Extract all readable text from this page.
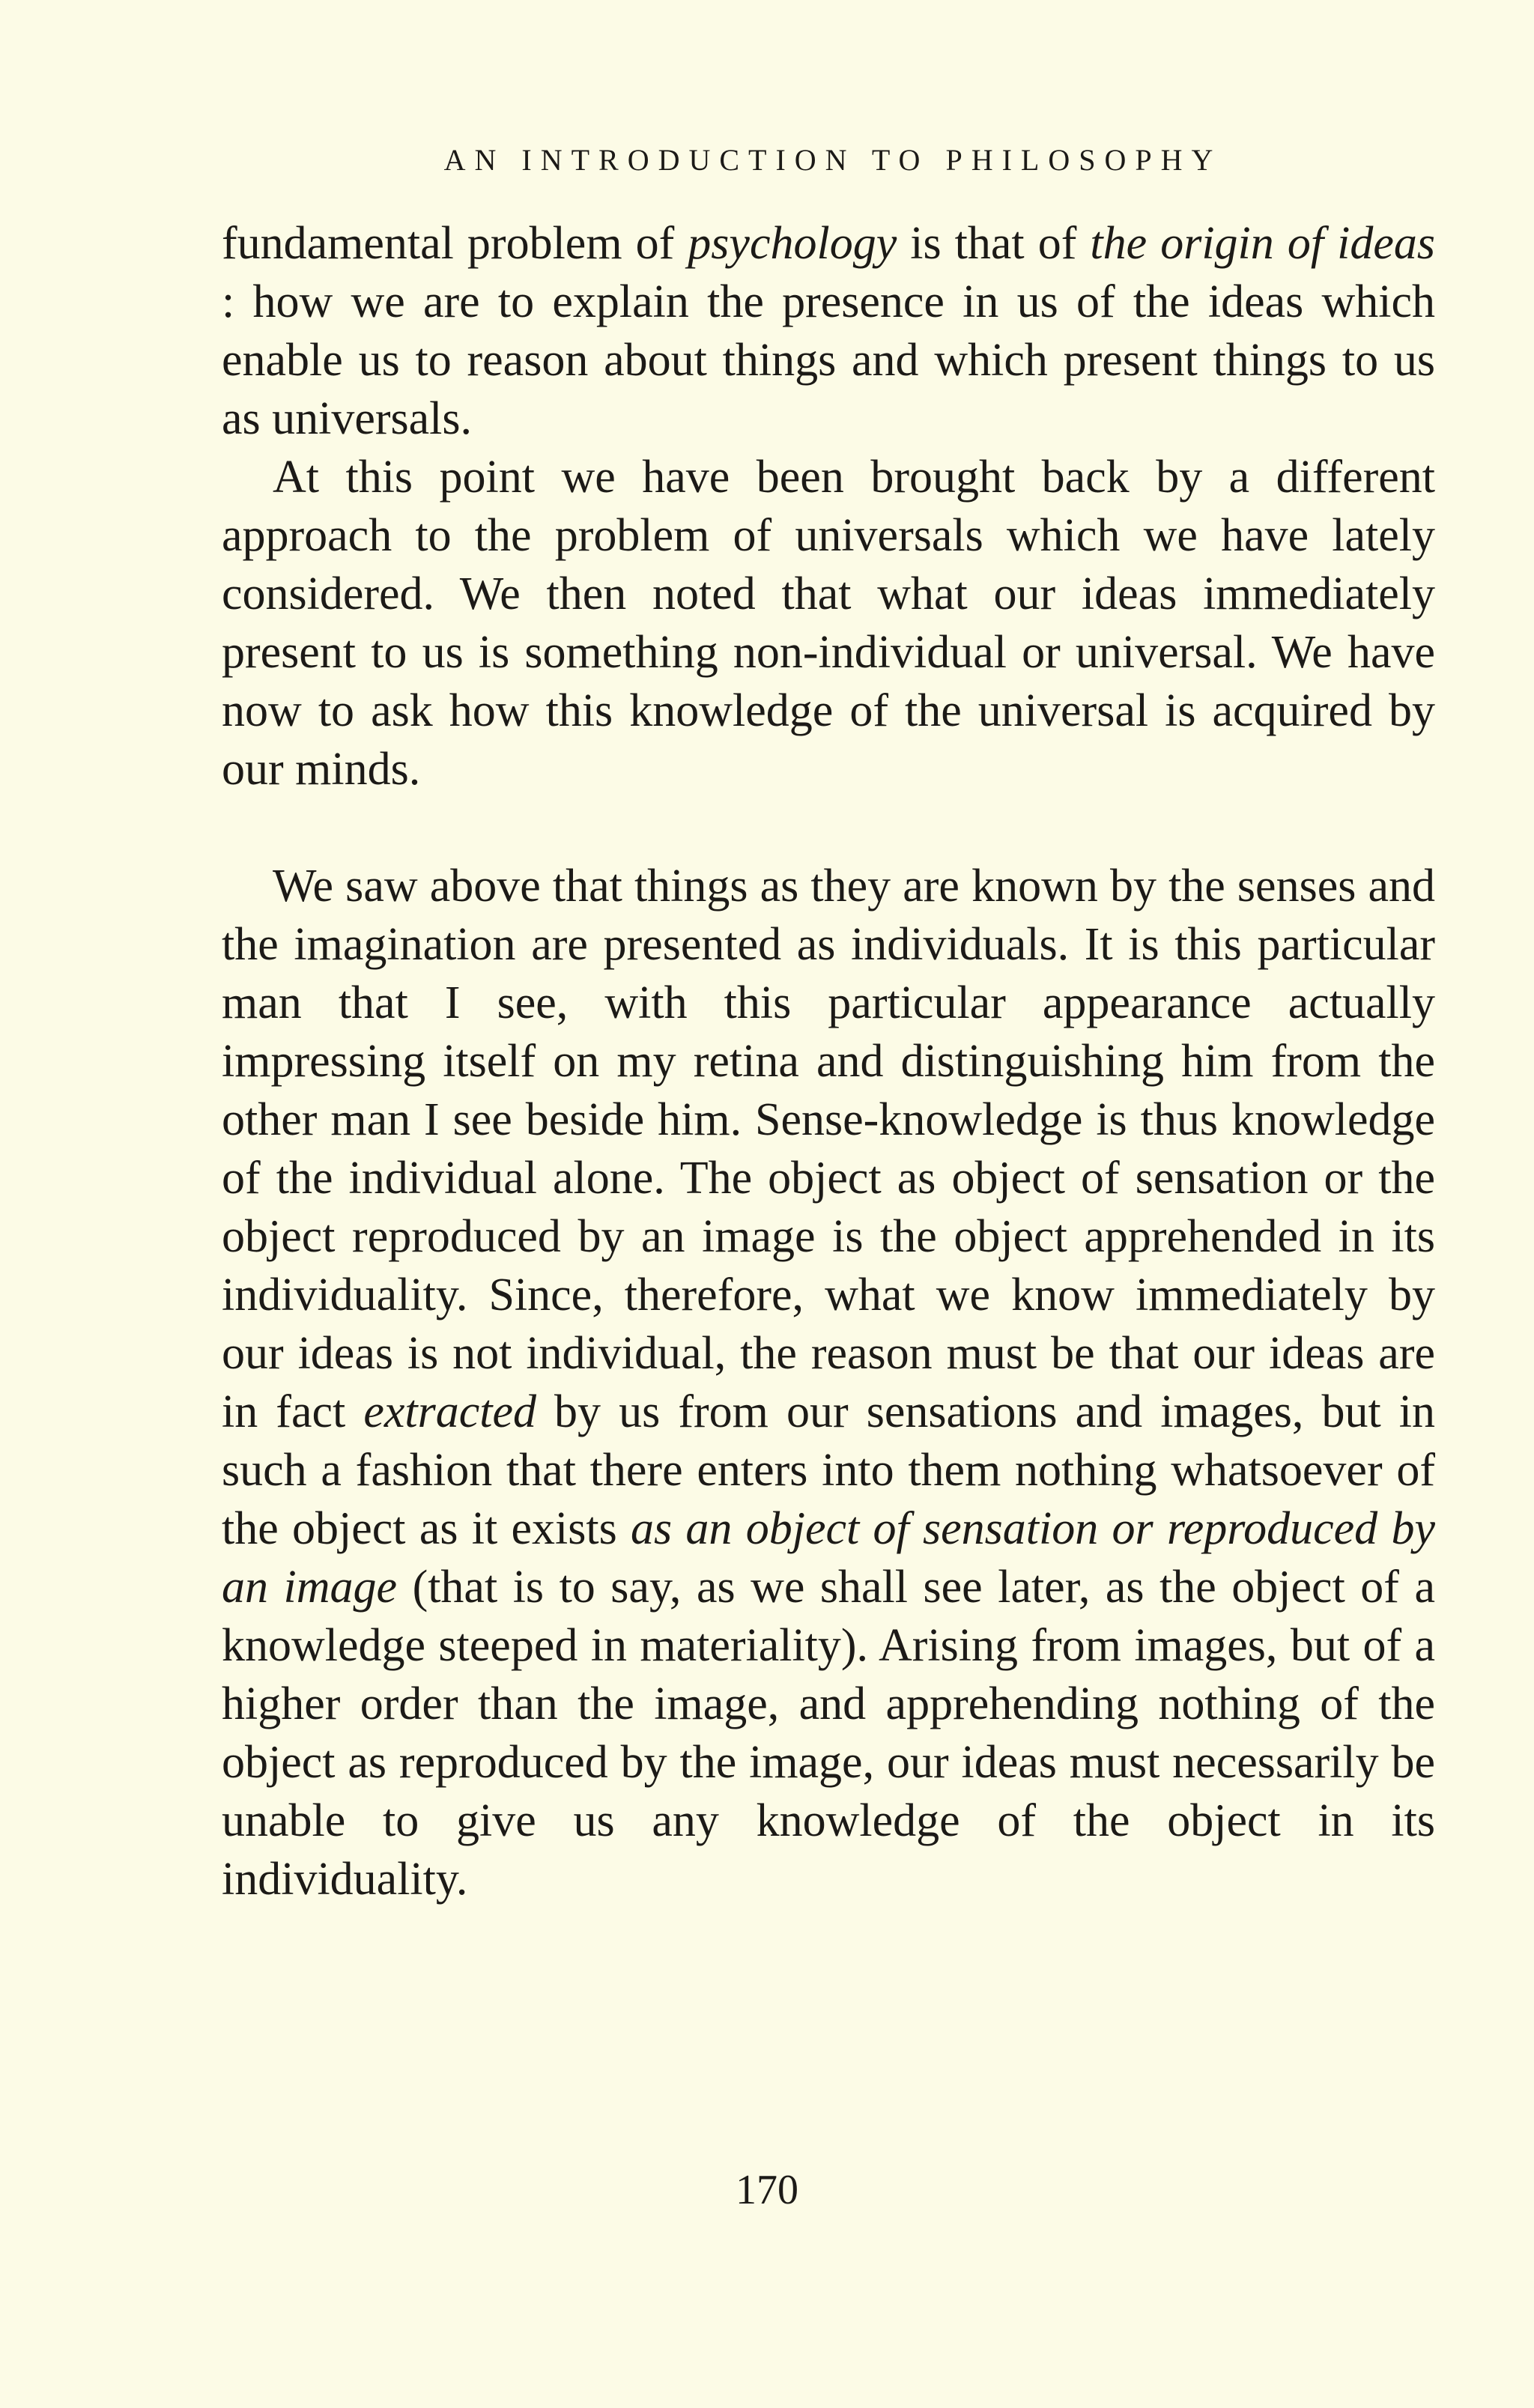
AN INTRODUCTION TO PHILOSOPHY

fundamental problem of psychology is that of the origin of ideas : how we are to explain the presence in us of the ideas which enable us to reason about things and which present things to us as universals.

At this point we have been brought back by a different approach to the problem of universals which we have lately considered. We then noted that what our ideas immediately present to us is something non-individual or universal. We have now to ask how this knowledge of the universal is acquired by our minds.

We saw above that things as they are known by the senses and the imagination are presented as individuals. It is this particular man that I see, with this particular appearance actually impressing itself on my retina and distinguishing him from the other man I see beside him. Sense-knowledge is thus knowledge of the individual alone. The object as object of sensation or the object reproduced by an image is the object apprehended in its individuality. Since, therefore, what we know immediately by our ideas is not individual, the reason must be that our ideas are in fact extracted by us from our sensations and images, but in such a fashion that there enters into them nothing whatsoever of the object as it exists as an object of sensation or reproduced by an image (that is to say, as we shall see later, as the object of a knowledge steeped in materiality). Arising from images, but of a higher order than the image, and apprehending nothing of the object as reproduced by the image, our ideas must necessarily be unable to give us any knowledge of the object in its individuality.

170
